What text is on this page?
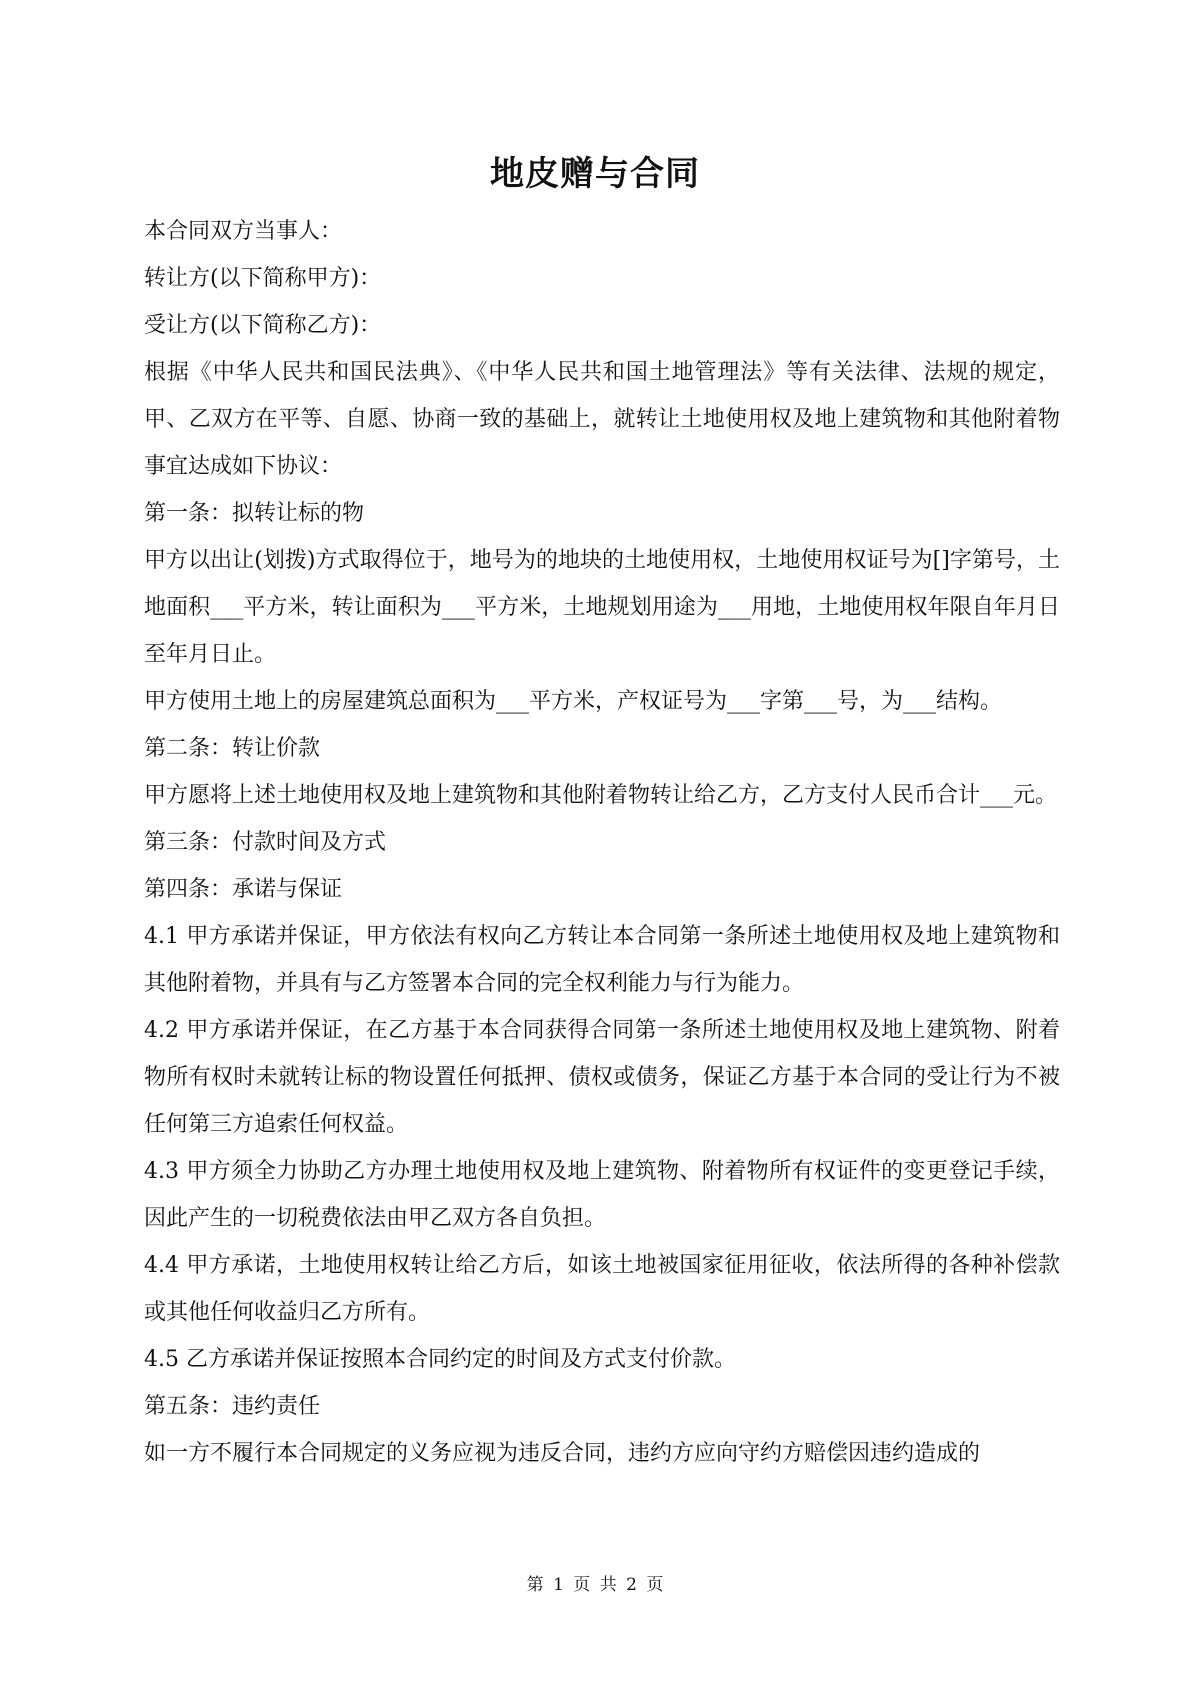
地皮赠与合同

本合同双方当事人：

转让方(以下简称甲方)：

受让方(以下简称乙方)：

根据《中华人民共和国民法典》、《中华人民共和国土地管理法》等有关法律、法规的规定，甲、乙双方在平等、自愿、协商一致的基础上，就转让土地使用权及地上建筑物和其他附着物事宜达成如下协议：

第一条：拟转让标的物

甲方以出让(划拨)方式取得位于，地号为的地块的土地使用权，土地使用权证号为[]字第号，土地面积___平方米，转让面积为___平方米，土地规划用途为___用地，土地使用权年限自年月日至年月日止。

甲方使用土地上的房屋建筑总面积为___平方米，产权证号为___字第___号，为___结构。

第二条：转让价款

甲方愿将上述土地使用权及地上建筑物和其他附着物转让给乙方，乙方支付人民币合计___元。

第三条：付款时间及方式

第四条：承诺与保证

4.1 甲方承诺并保证，甲方依法有权向乙方转让本合同第一条所述土地使用权及地上建筑物和其他附着物，并具有与乙方签署本合同的完全权利能力与行为能力。

4.2 甲方承诺并保证，在乙方基于本合同获得合同第一条所述土地使用权及地上建筑物、附着物所有权时未就转让标的物设置任何抵押、债权或债务，保证乙方基于本合同的受让行为不被任何第三方追索任何权益。

4.3 甲方须全力协助乙方办理土地使用权及地上建筑物、附着物所有权证件的变更登记手续，因此产生的一切税费依法由甲乙双方各自负担。

4.4 甲方承诺，土地使用权转让给乙方后，如该土地被国家征用征收，依法所得的各种补偿款或其他任何收益归乙方所有。

4.5 乙方承诺并保证按照本合同约定的时间及方式支付价款。

第五条：违约责任

如一方不履行本合同规定的义务应视为违反合同，违约方应向守约方赔偿因违约造成的

第 1 页 共 2 页
